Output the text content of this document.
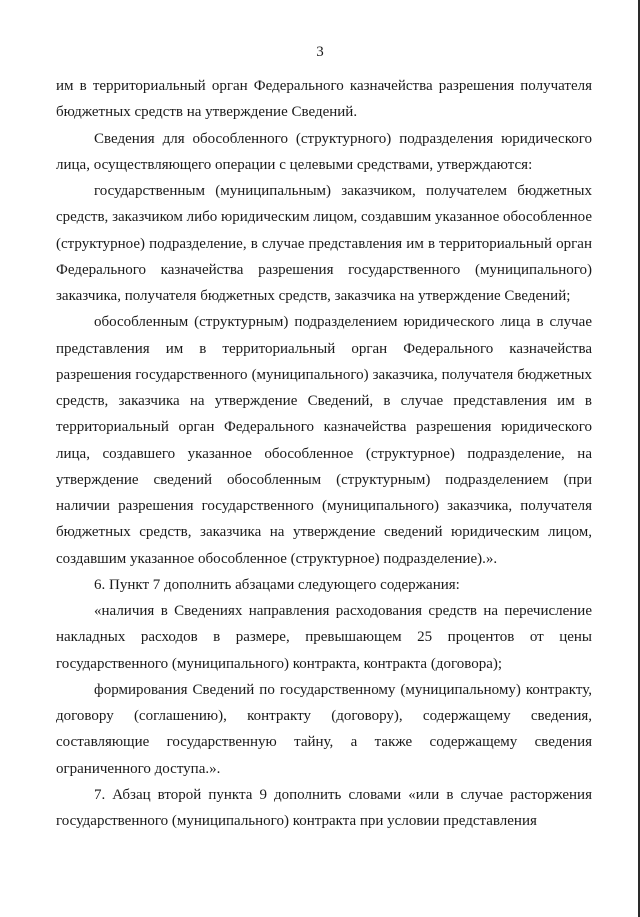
3

им в территориальный орган Федерального казначейства разрешения получателя бюджетных средств на утверждение Сведений.

Сведения для обособленного (структурного) подразделения юридического лица, осуществляющего операции с целевыми средствами, утверждаются:

государственным (муниципальным) заказчиком, получателем бюджетных средств, заказчиком либо юридическим лицом, создавшим указанное обособленное (структурное) подразделение, в случае представления им в территориальный орган Федерального казначейства разрешения государственного (муниципального) заказчика, получателя бюджетных средств, заказчика на утверждение Сведений;

обособленным (структурным) подразделением юридического лица в случае представления им в территориальный орган Федерального казначейства разрешения государственного (муниципального) заказчика, получателя бюджетных средств, заказчика на утверждение Сведений, в случае представления им в территориальный орган Федерального казначейства разрешения юридического лица, создавшего указанное обособленное (структурное) подразделение, на утверждение сведений обособленным (структурным) подразделением (при наличии разрешения государственного (муниципального) заказчика, получателя бюджетных средств, заказчика на утверждение сведений юридическим лицом, создавшим указанное обособленное (структурное) подразделение).».

6. Пункт 7 дополнить абзацами следующего содержания:

«наличия в Сведениях направления расходования средств на перечисление накладных расходов в размере, превышающем 25 процентов от цены государственного (муниципального) контракта, контракта (договора);

формирования Сведений по государственному (муниципальному) контракту, договору (соглашению), контракту (договору), содержащему сведения, составляющие государственную тайну, а также содержащему сведения ограниченного доступа.».

7. Абзац второй пункта 9 дополнить словами «или в случае расторжения государственного (муниципального) контракта при условии представления
